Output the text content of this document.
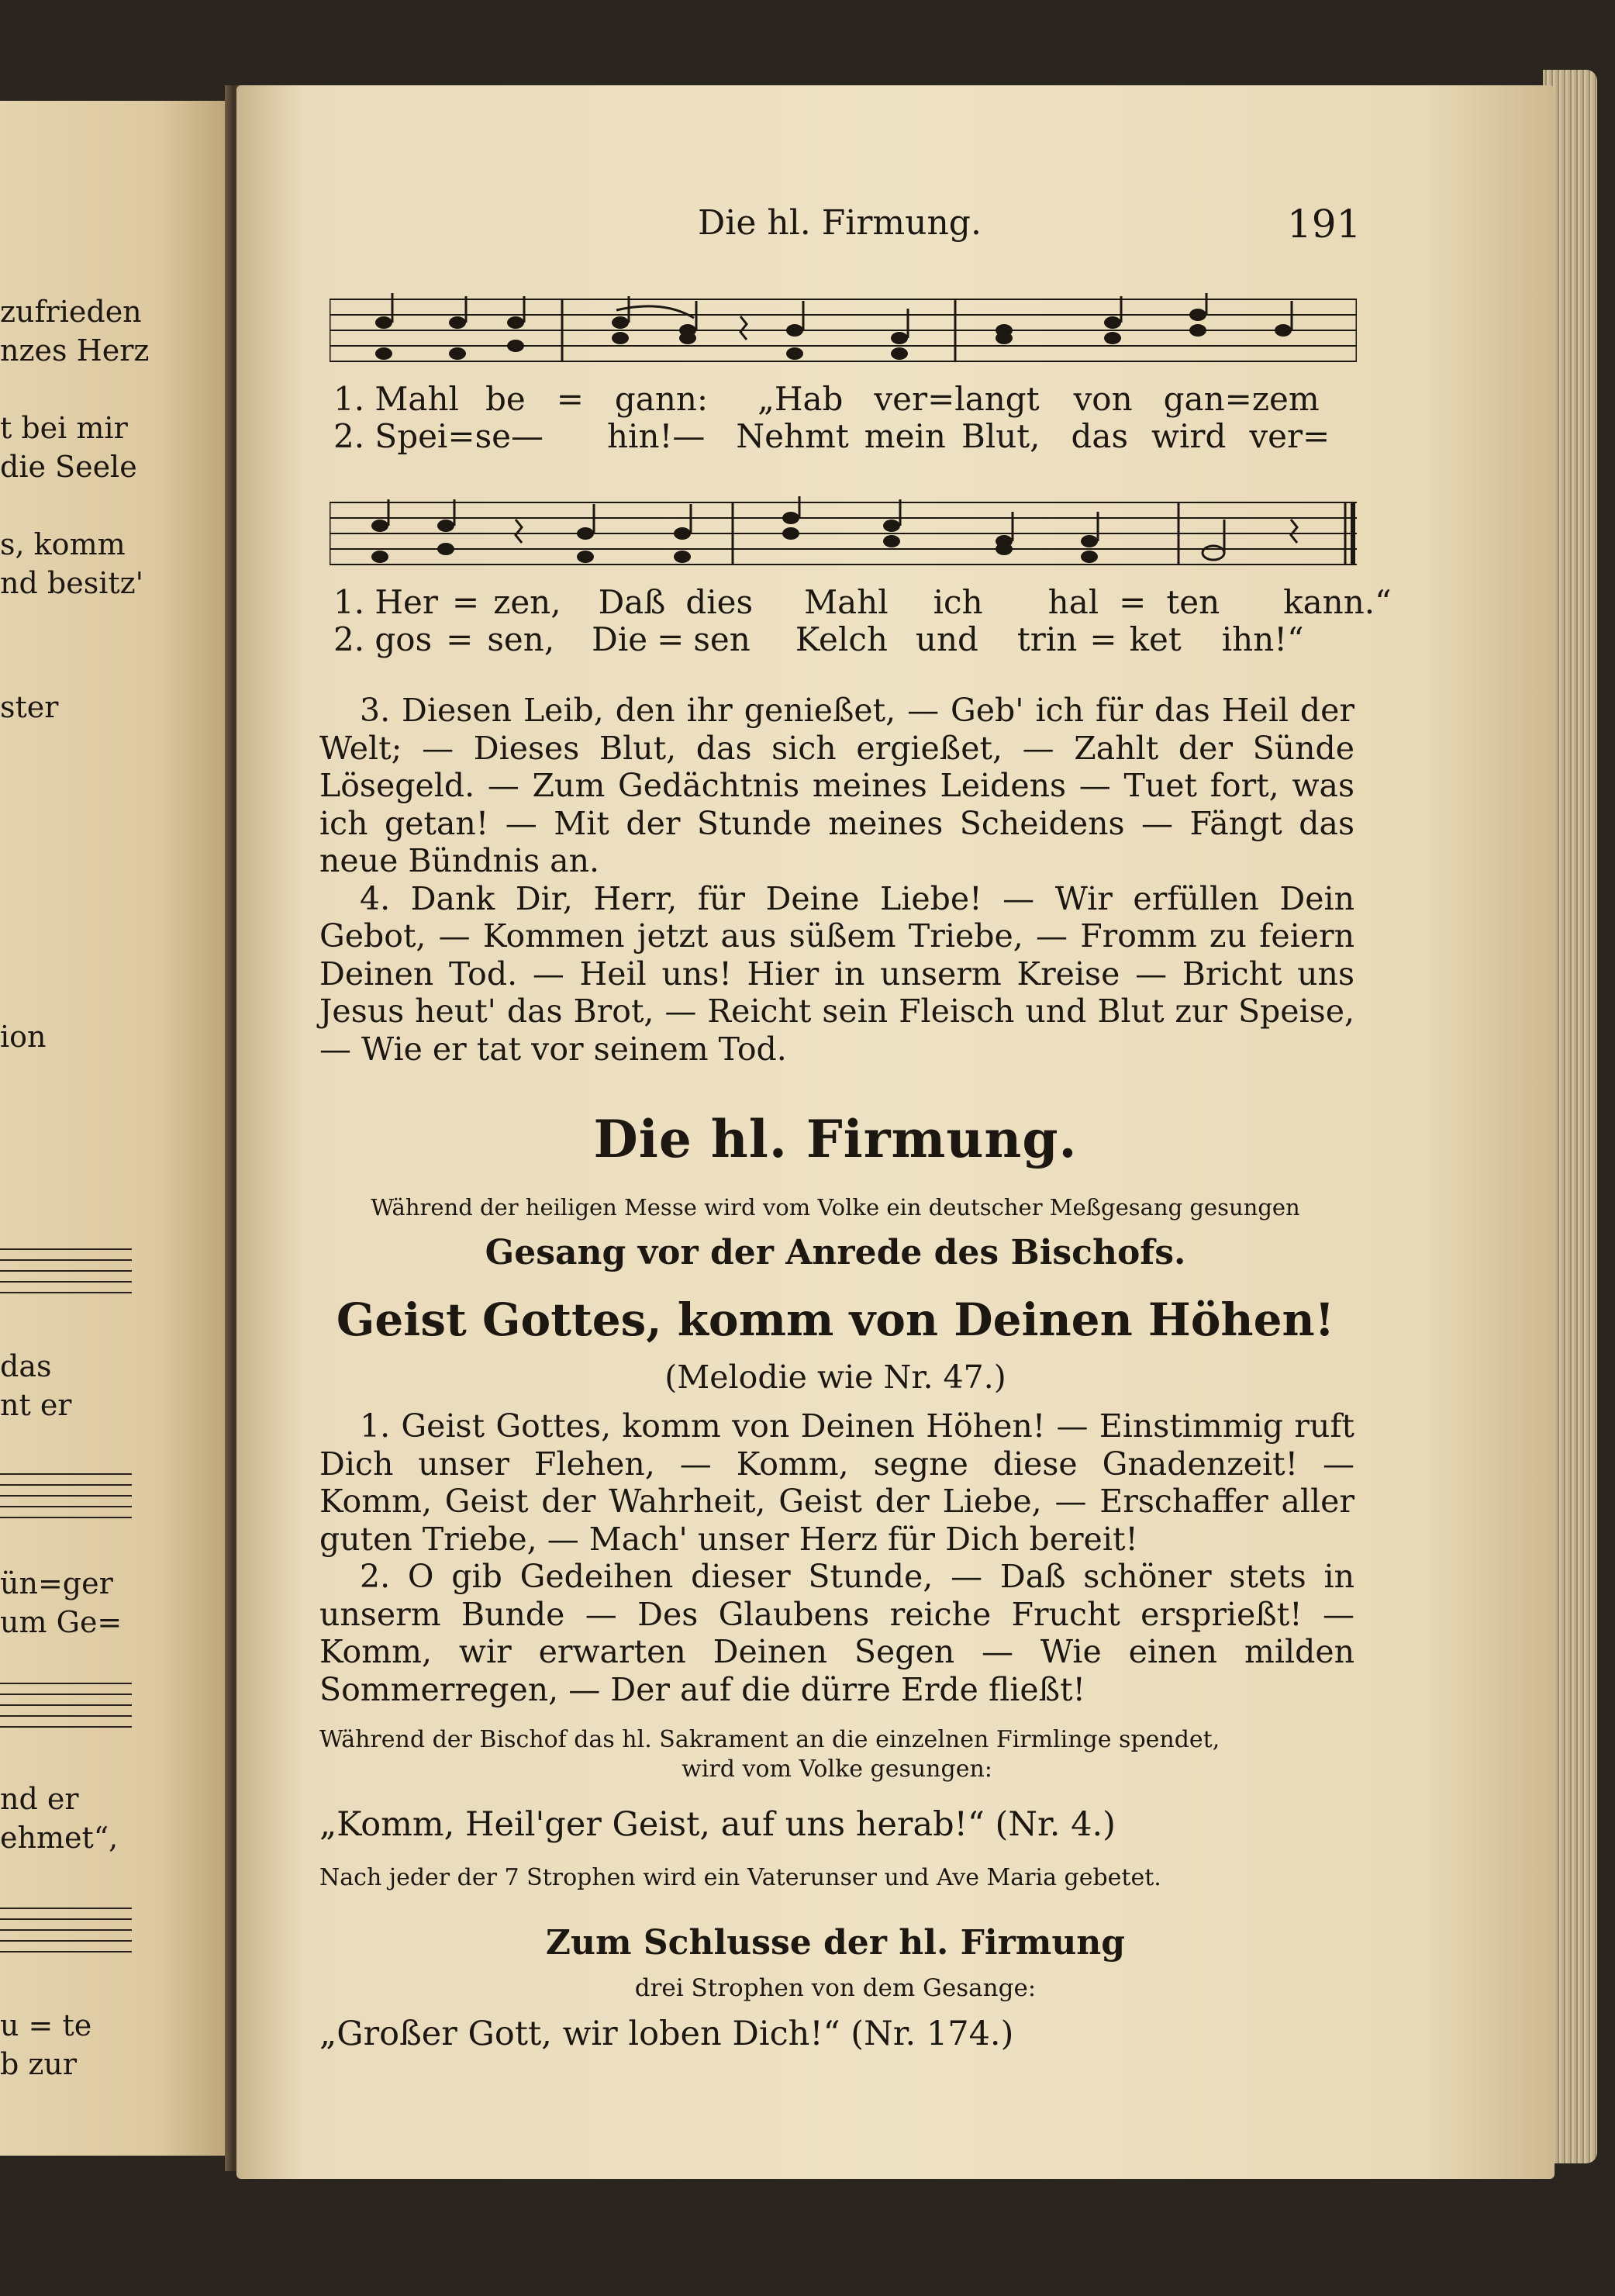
zufrieden
nzes Herz
t bei mir
die Seele
s, komm
nd besitz'
ster
ion
das
nt er
ün=ger
um Ge=
nd er
ehmet“,
u = te
b zur
Die hl. Firmung.	191
1. Mahl be = gann: „Hab ver=langt von gan=zem
2. Spei=se— hin!— Nehmt mein Blut, das wird ver=
1. Her = zen, Daß dies Mahl ich hal = ten kann.“
2. gos = sen, Die = sen Kelch und trin = ket ihn!“

3. Diesen Leib, den ihr genießet, — Geb' ich für das Heil der Welt; — Dieses Blut, das sich ergießet, — Zahlt der Sünde Lösegeld. — Zum Gedächtnis meines Leidens — Tuet fort, was ich getan! — Mit der Stunde meines Scheidens — Fängt das neue Bündnis an.

4. Dank Dir, Herr, für Deine Liebe! — Wir erfüllen Dein Gebot, — Kommen jetzt aus süßem Triebe, — Fromm zu feiern Deinen Tod. — Heil uns! Hier in unserm Kreise — Bricht uns Jesus heut' das Brot, — Reicht sein Fleisch und Blut zur Speise, — Wie er tat vor seinem Tod.

Die hl. Firmung.
Während der heiligen Messe wird vom Volke ein deutscher Meßgesang gesungen
Gesang vor der Anrede des Bischofs.
Geist Gottes, komm von Deinen Höhen!
(Melodie wie Nr. 47.)

1. Geist Gottes, komm von Deinen Höhen! — Einstimmig ruft Dich unser Flehen, — Komm, segne diese Gnadenzeit! — Komm, Geist der Wahrheit, Geist der Liebe, — Erschaffer aller guten Triebe, — Mach' unser Herz für Dich bereit!

2. O gib Gedeihen dieser Stunde, — Daß schöner stets in unserm Bunde — Des Glaubens reiche Frucht ersprießt! — Komm, wir erwarten Deinen Segen — Wie einen milden Sommerregen, — Der auf die dürre Erde fließt!

Während der Bischof das hl. Sakrament an die einzelnen Firmlinge spendet,
wird vom Volke gesungen:
„Komm, Heil'ger Geist, auf uns herab!“ (Nr. 4.)
Nach jeder der 7 Strophen wird ein Vaterunser und Ave Maria gebetet.
Zum Schlusse der hl. Firmung
drei Strophen von dem Gesange:
„Großer Gott, wir loben Dich!“ (Nr. 174.)
